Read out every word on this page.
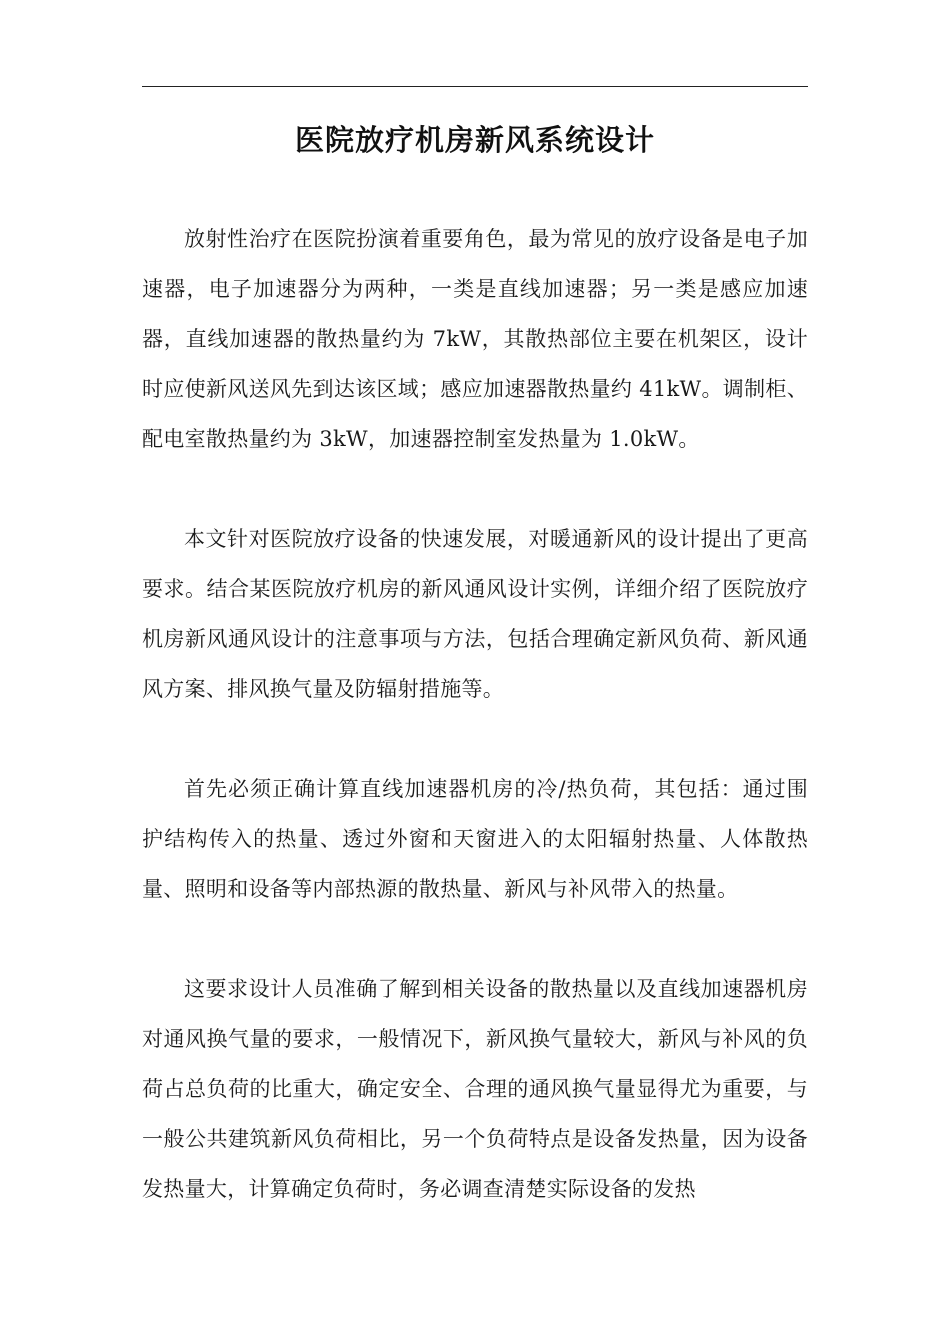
医院放疗机房新风系统设计

放射性治疗在医院扮演着重要角色，最为常见的放疗设备是电子加速器，电子加速器分为两种，一类是直线加速器；另一类是感应加速器，直线加速器的散热量约为 7kW，其散热部位主要在机架区，设计时应使新风送风先到达该区域；感应加速器散热量约 41kW。调制柜、配电室散热量约为 3kW，加速器控制室发热量为 1.0kW。

本文针对医院放疗设备的快速发展，对暖通新风的设计提出了更高要求。结合某医院放疗机房的新风通风设计实例，详细介绍了医院放疗机房新风通风设计的注意事项与方法，包括合理确定新风负荷、新风通风方案、排风换气量及防辐射措施等。

首先必须正确计算直线加速器机房的冷/热负荷，其包括：通过围护结构传入的热量、透过外窗和天窗进入的太阳辐射热量、人体散热量、照明和设备等内部热源的散热量、新风与补风带入的热量。

这要求设计人员准确了解到相关设备的散热量以及直线加速器机房对通风换气量的要求，一般情况下，新风换气量较大，新风与补风的负荷占总负荷的比重大，确定安全、合理的通风换气量显得尤为重要，与一般公共建筑新风负荷相比，另一个负荷特点是设备发热量，因为设备发热量大，计算确定负荷时，务必调查清楚实际设备的发热
